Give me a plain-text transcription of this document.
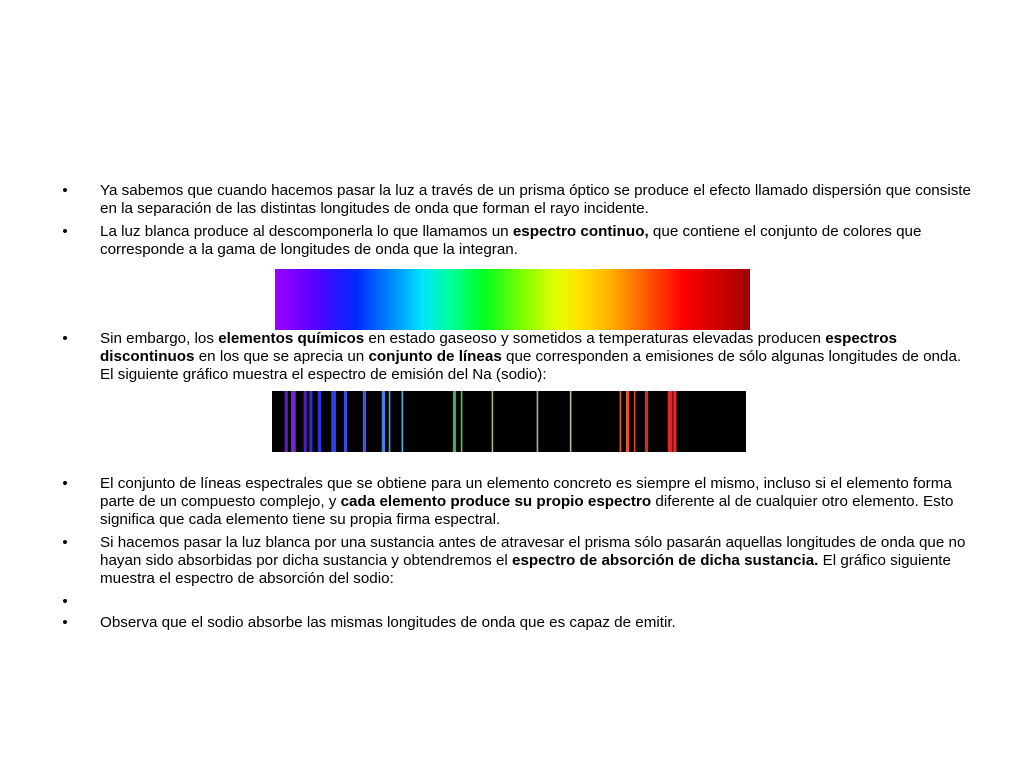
• Ya sabemos que cuando hacemos pasar la luz a través de un prisma óptico se produce el efecto llamado dispersión que consiste en la separación de las distintas longitudes de onda que forman el rayo incidente.
• La luz blanca produce al descomponerla lo que llamamos un espectro continuo, que contiene el conjunto de colores que corresponde a la gama de longitudes de onda que la integran.
• Sin embargo, los elementos químicos en estado gaseoso y sometidos a temperaturas elevadas producen espectros discontinuos en los que se aprecia un conjunto de líneas que corresponden a emisiones de sólo algunas longitudes de onda. El siguiente gráfico muestra el espectro de emisión del Na (sodio):
• El conjunto de líneas espectrales que se obtiene para un elemento concreto es siempre el mismo, incluso si el elemento forma parte de un compuesto complejo, y cada elemento produce su propio espectro diferente al de cualquier otro elemento. Esto significa que cada elemento tiene su propia firma espectral.
• Si hacemos pasar la luz blanca por una sustancia antes de atravesar el prisma sólo pasarán aquellas longitudes de onda que no hayan sido absorbidas por dicha sustancia y obtendremos el espectro de absorción de dicha sustancia. El gráfico siguiente muestra el espectro de absorción del sodio:
•
• Observa que el sodio absorbe las mismas longitudes de onda que es capaz de emitir.
